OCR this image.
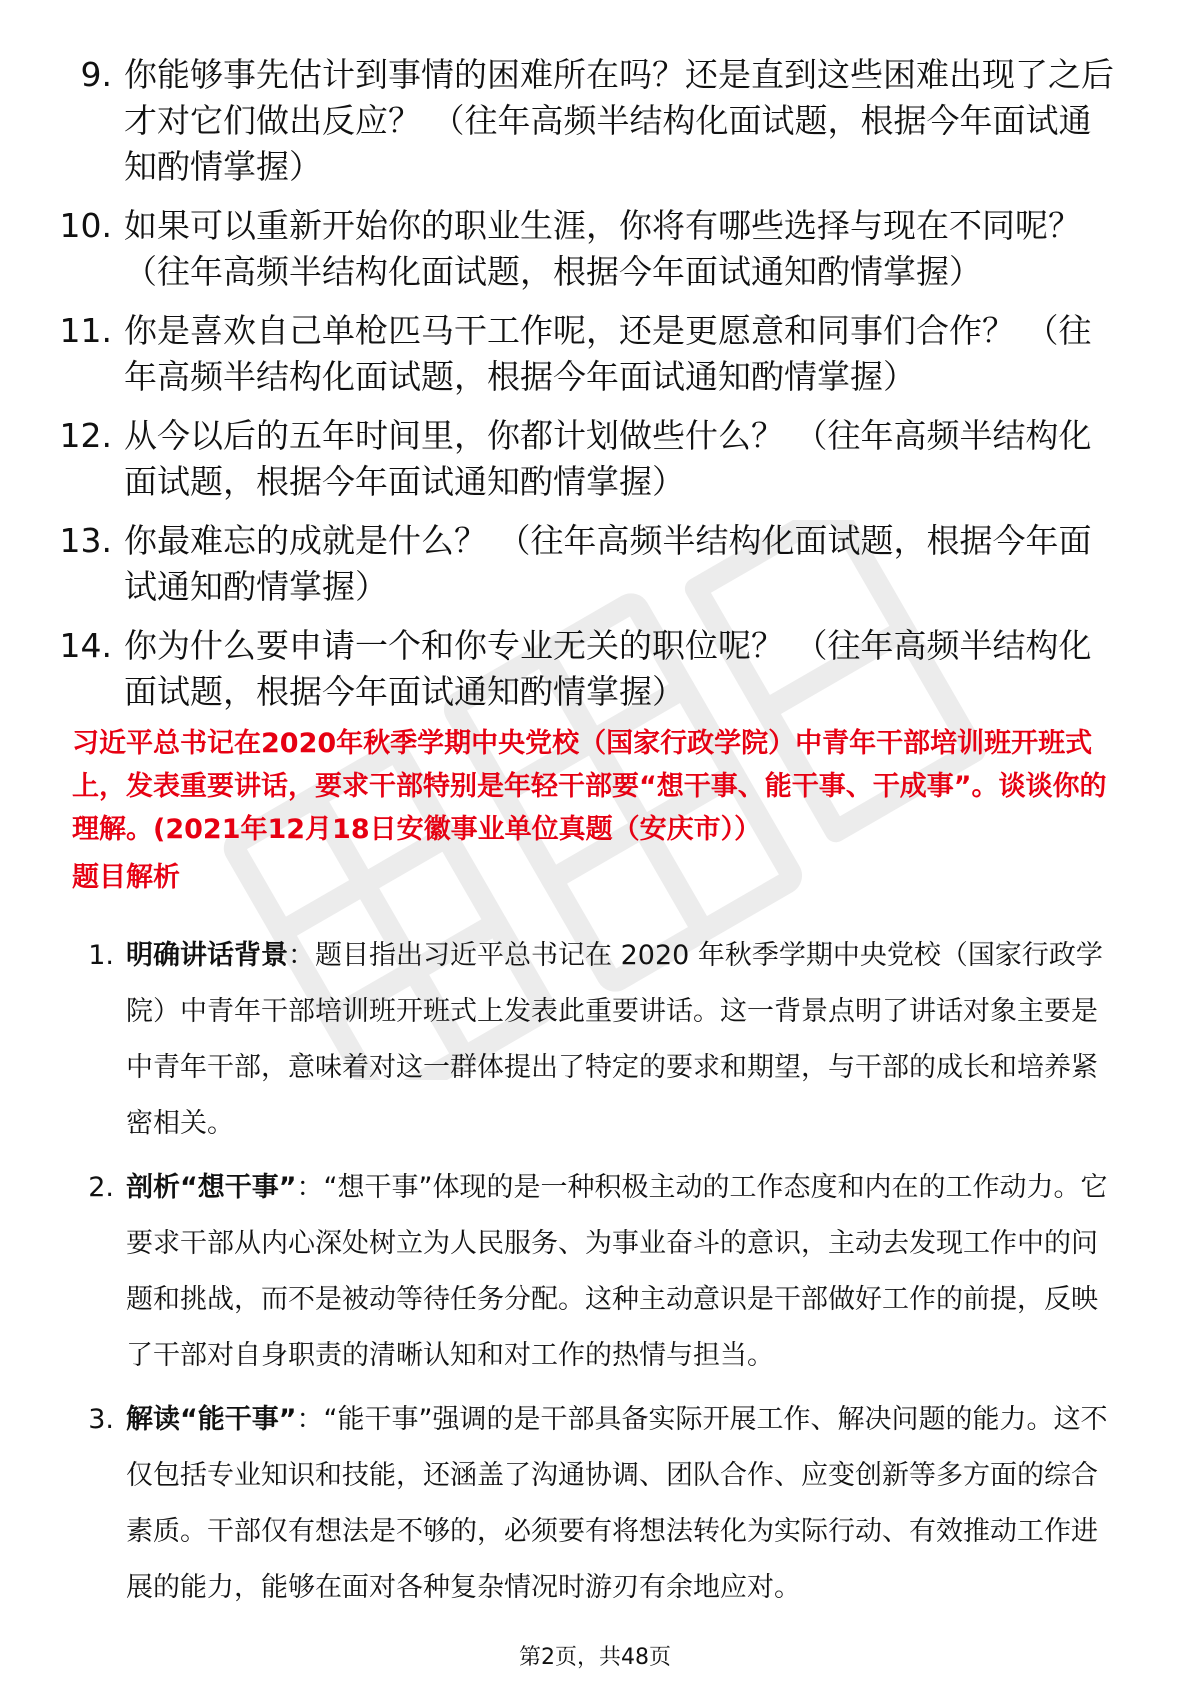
9. 你能够事先估计到事情的困难所在吗？还是直到这些困难出现了之后才对它们做出反应？ （往年高频半结构化面试题，根据今年面试通知酌情掌握）
10. 如果可以重新开始你的职业生涯，你将有哪些选择与现在不同呢？ （往年高频半结构化面试题，根据今年面试通知酌情掌握）
11. 你是喜欢自己单枪匹马干工作呢，还是更愿意和同事们合作？ （往年高频半结构化面试题，根据今年面试通知酌情掌握）
12. 从今以后的五年时间里，你都计划做些什么？ （往年高频半结构化面试题，根据今年面试通知酌情掌握）
13. 你最难忘的成就是什么？ （往年高频半结构化面试题，根据今年面试通知酌情掌握）
14. 你为什么要申请一个和你专业无关的职位呢？ （往年高频半结构化面试题，根据今年面试通知酌情掌握）
习近平总书记在2020年秋季学期中央党校（国家行政学院）中青年干部培训班开班式上，发表重要讲话，要求干部特别是年轻干部要“想干事、能干事、干成事”。谈谈你的理解。(2021年12月18日安徽事业单位真题（安庆市））
题目解析
1. 明确讲话背景：题目指出习近平总书记在 2020 年秋季学期中央党校（国家行政学院）中青年干部培训班开班式上发表此重要讲话。这一背景点明了讲话对象主要是中青年干部，意味着对这一群体提出了特定的要求和期望，与干部的成长和培养紧密相关。
2. 剖析“想干事”：“想干事”体现的是一种积极主动的工作态度和内在的工作动力。它要求干部从内心深处树立为人民服务、为事业奋斗的意识，主动去发现工作中的问题和挑战，而不是被动等待任务分配。这种主动意识是干部做好工作的前提，反映了干部对自身职责的清晰认知和对工作的热情与担当。
3. 解读“能干事”：“能干事”强调的是干部具备实际开展工作、解决问题的能力。这不仅包括专业知识和技能，还涵盖了沟通协调、团队合作、应变创新等多方面的综合素质。干部仅有想法是不够的，必须要有将想法转化为实际行动、有效推动工作进展的能力，能够在面对各种复杂情况时游刃有余地应对。
第2页，共48页
